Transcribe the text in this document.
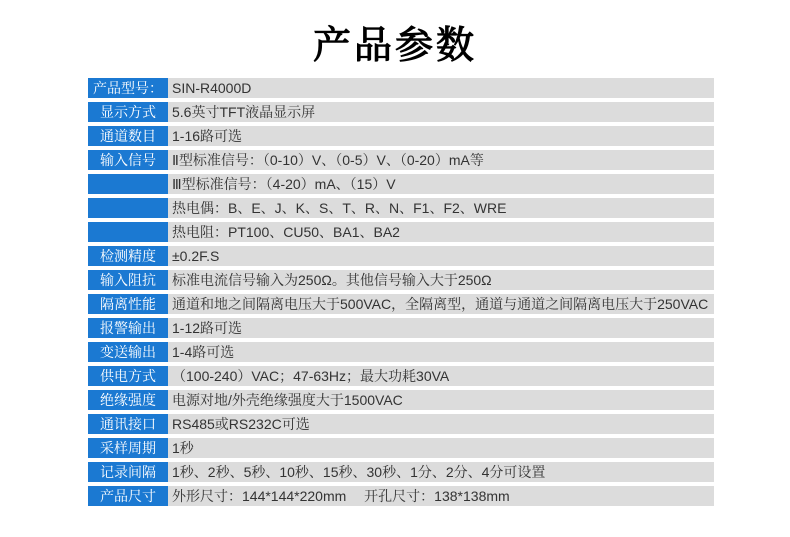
产品参数
产品型号： SIN-R4000D
显示方式	5.6英寸TFT液晶显示屏
通道数目	1-16路可选
输入信号	Ⅱ型标准信号：（0-10）V、（0-5）V、（0-20）mA等
Ⅲ型标准信号：（4-20）mA、（15）V
热电偶：B、E、J、K、S、T、R、N、F1、F2、WRE
热电阻：PT100、CU50、BA1、BA2
检测精度	±0.2F.S
输入阻抗	标准电流信号输入为250Ω。其他信号输入大于250Ω
隔离性能	通道和地之间隔离电压大于500VAC，全隔离型，通道与通道之间隔离电压大于250VAC
报警输出	1-12路可选
变送输出	1-4路可选
供电方式	（100-240）VAC；47-63Hz；最大功耗30VA
绝缘强度	电源对地/外壳绝缘强度大于1500VAC
通讯接口	RS485或RS232C可选
采样周期	1秒
记录间隔	1秒、2秒、5秒、10秒、15秒、30秒、1分、2分、4分可设置
产品尺寸	外形尺寸：144*144*220mm　 开孔尺寸：138*138mm
